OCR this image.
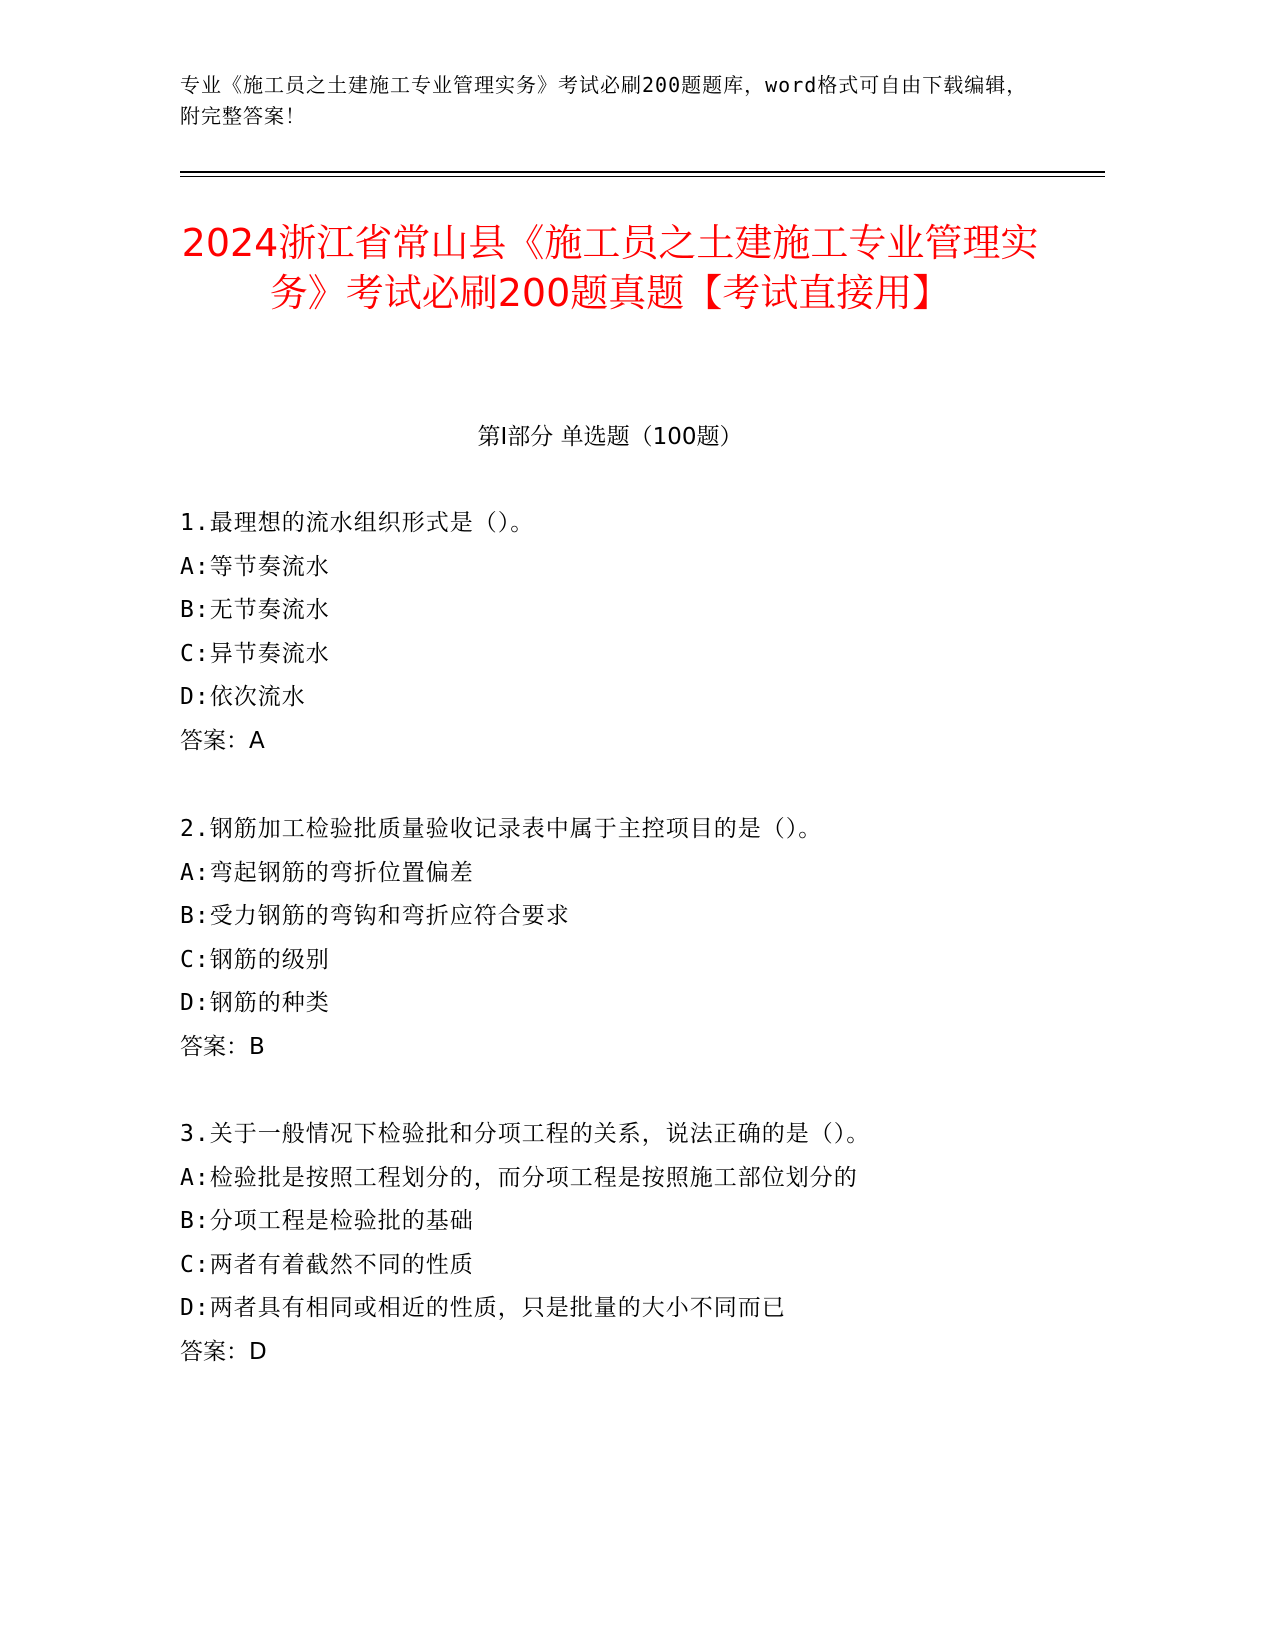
专业《施工员之土建施工专业管理实务》考试必刷200题题库，word格式可自由下载编辑，附完整答案！
2024浙江省常山县《施工员之土建施工专业管理实务》考试必刷200题真题【考试直接用】
第Ⅰ部分 单选题（100题）
1.最理想的流水组织形式是（）。
A:等节奏流水
B:无节奏流水
C:异节奏流水
D:依次流水
答案：A
2.钢筋加工检验批质量验收记录表中属于主控项目的是（）。
A:弯起钢筋的弯折位置偏差
B:受力钢筋的弯钩和弯折应符合要求
C:钢筋的级别
D:钢筋的种类
答案：B
3.关于一般情况下检验批和分项工程的关系，说法正确的是（）。
A:检验批是按照工程划分的，而分项工程是按照施工部位划分的
B:分项工程是检验批的基础
C:两者有着截然不同的性质
D:两者具有相同或相近的性质，只是批量的大小不同而已
答案：D
